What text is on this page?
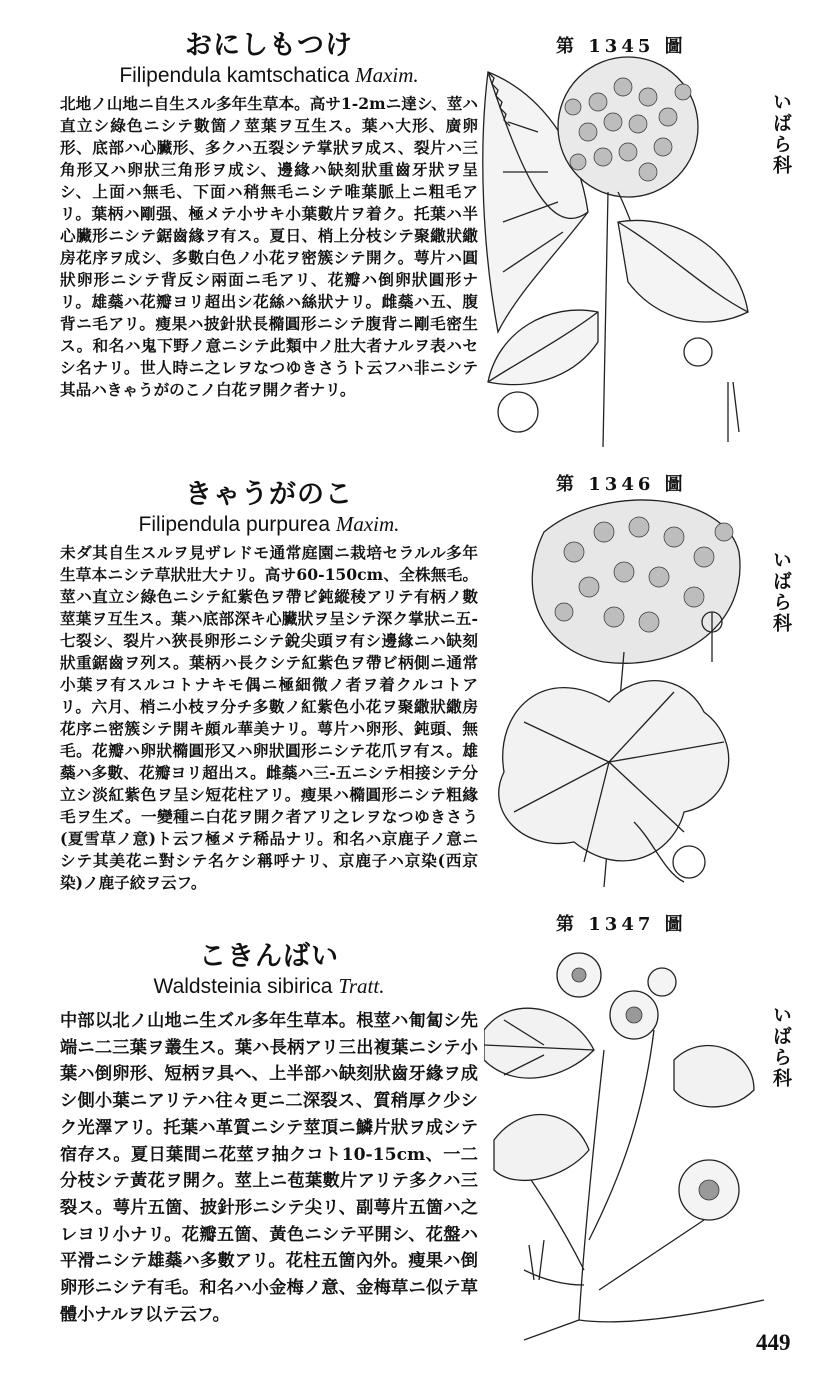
おにしもつけ

Filipendula kamtschatica Maxim.

北地ノ山地ニ自生スル多年生草本。高サ1-2mニ達シ、莖ハ直立シ綠色ニシテ數箇ノ莖葉ヲ互生ス。葉ハ大形、廣卵形、底部ハ心臟形、多クハ五裂シテ掌狀ヲ成ス、裂片ハ三角形又ハ卵狀三角形ヲ成シ、邊緣ハ缺刻狀重齒牙狀ヲ呈シ、上面ハ無毛、下面ハ稍無毛ニシテ唯葉脈上ニ粗毛アリ。葉柄ハ剛强、極メテ小サキ小葉數片ヲ着ク。托葉ハ半心臟形ニシテ鋸齒緣ヲ有ス。夏日、梢上分枝シテ聚繖狀繖房花序ヲ成シ、多數白色ノ小花ヲ密簇シテ開ク。萼片ハ圓狀卵形ニシテ背反シ兩面ニ毛アリ、花瓣ハ倒卵狀圓形ナリ。雄蘂ハ花瓣ヨリ超出シ花絲ハ絲狀ナリ。雌蘂ハ五、腹背ニ毛アリ。瘦果ハ披針狀長橢圓形ニシテ腹背ニ剛毛密生ス。和名ハ鬼下野ノ意ニシテ此類中ノ肚大者ナルヲ表ハセシ名ナリ。世人時ニ之レヲなつゆきさうト云フハ非ニシテ其品ハきゃうがのこノ白花ヲ開ク者ナリ。

第 1345 圖
いばら科
きゃうがのこ

Filipendula purpurea Maxim.

未ダ其自生スルヲ見ザレドモ通常庭園ニ栽培セラルル多年生草本ニシテ草狀壯大ナリ。高サ60-150cm、全株無毛。莖ハ直立シ綠色ニシテ紅紫色ヲ帶ビ鈍縱稜アリテ有柄ノ數莖葉ヲ互生ス。葉ハ底部深キ心臟狀ヲ呈シテ深ク掌狀ニ五-七裂シ、裂片ハ狹長卵形ニシテ銳尖頭ヲ有シ邊緣ニハ缺刻狀重鋸齒ヲ列ス。葉柄ハ長クシテ紅紫色ヲ帶ビ柄側ニ通常小葉ヲ有スルコトナキモ偶ニ極細微ノ者ヲ着クルコトアリ。六月、梢ニ小枝ヲ分チ多數ノ紅紫色小花ヲ聚繖狀繖房花序ニ密簇シテ開キ頗ル華美ナリ。萼片ハ卵形、鈍頭、無毛。花瓣ハ卵狀橢圓形又ハ卵狀圓形ニシテ花爪ヲ有ス。雄蘂ハ多數、花瓣ヨリ超出ス。雌蘂ハ三-五ニシテ相接シテ分立シ淡紅紫色ヲ呈シ短花柱アリ。瘦果ハ橢圓形ニシテ粗緣毛ヲ生ズ。一變種ニ白花ヲ開ク者アリ之レヲなつゆきさう(夏雪草ノ意)ト云フ極メテ稀品ナリ。和名ハ京鹿子ノ意ニシテ其美花ニ對シテ名ケシ稱呼ナリ、京鹿子ハ京染(西京染)ノ鹿子絞ヲ云フ。

第 1346 圖
いばら科
こきんばい

Waldsteinia sibirica Tratt.

中部以北ノ山地ニ生ズル多年生草本。根莖ハ匍匐シ先端ニ二三葉ヲ叢生ス。葉ハ長柄アリ三出複葉ニシテ小葉ハ倒卵形、短柄ヲ具ヘ、上半部ハ缺刻狀齒牙緣ヲ成シ側小葉ニアリテハ往々更ニ二深裂ス、質稍厚ク少シク光澤アリ。托葉ハ革質ニシテ莖頂ニ鱗片狀ヲ成シテ宿存ス。夏日葉間ニ花莖ヲ抽クコト10-15cm、一二分枝シテ黃花ヲ開ク。莖上ニ苞葉數片アリテ多クハ三裂ス。萼片五箇、披針形ニシテ尖リ、副萼片五箇ハ之レヨリ小ナリ。花瓣五箇、黃色ニシテ平開シ、花盤ハ平滑ニシテ雄蘂ハ多數アリ。花柱五箇內外。瘦果ハ倒卵形ニシテ有毛。和名ハ小金梅ノ意、金梅草ニ似テ草體小ナルヲ以テ云フ。

第 1347 圖
いばら科
449
